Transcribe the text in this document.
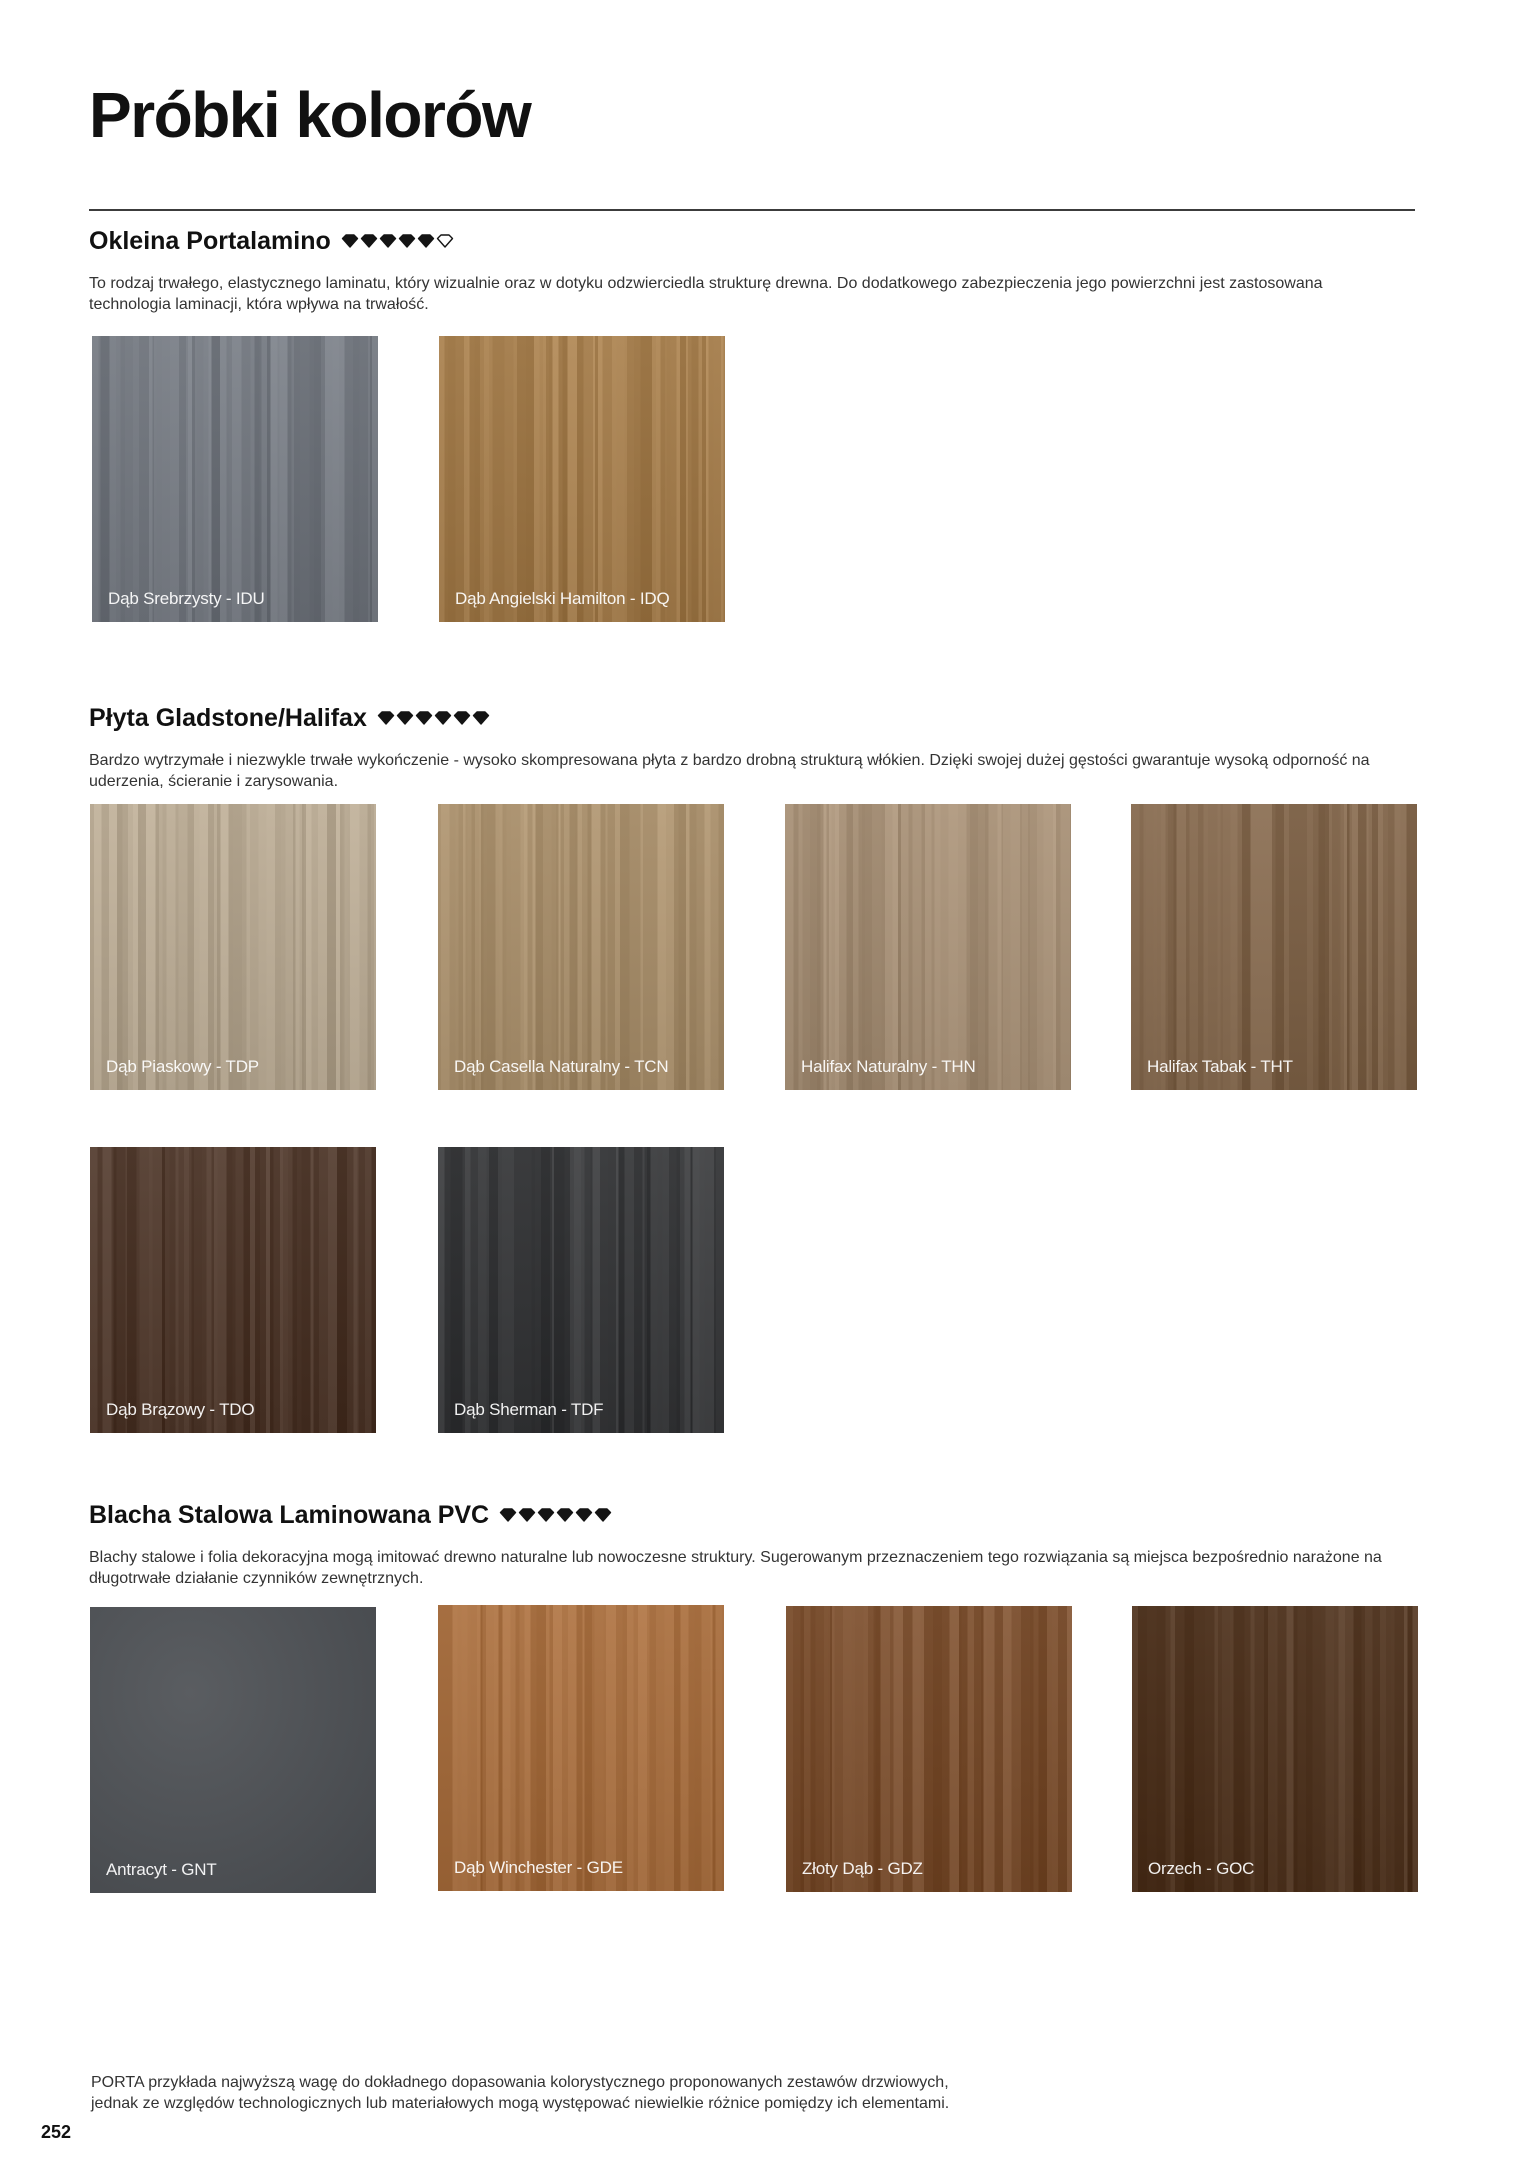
Próbki kolorów
Okleina Portalamino

To rodzaj trwałego, elastycznego laminatu, który wizualnie oraz w dotyku odzwierciedla strukturę drewna. Do dodatkowego zabezpieczenia jego powierzchni jest zastosowana technologia laminacji, która wpływa na trwałość.

Dąb Srebrzysty - IDU	Dąb Angielski Hamilton - IDQ
Płyta Gladstone/Halifax

Bardzo wytrzymałe i niezwykle trwałe wykończenie - wysoko skompresowana płyta z bardzo drobną strukturą włókien. Dzięki swojej dużej gęstości gwarantuje wysoką odporność na uderzenia, ścieranie i zarysowania.

Dąb Piaskowy - TDP	Dąb Casella Naturalny - TCN	Halifax Naturalny - THN	Halifax Tabak - THT
Dąb Brązowy - TDO	Dąb Sherman - TDF
Blacha Stalowa Laminowana PVC

Blachy stalowe i folia dekoracyjna mogą imitować drewno naturalne lub nowoczesne struktury. Sugerowanym przeznaczeniem tego rozwiązania są miejsca bezpośrednio narażone na długotrwałe działanie czynników zewnętrznych.

Antracyt - GNT	Dąb Winchester - GDE	Złoty Dąb - GDZ	Orzech - GOC
PORTA przykłada najwyższą wagę do dokładnego dopasowania kolorystycznego proponowanych zestawów drzwiowych,
jednak ze względów technologicznych lub materiałowych mogą występować niewielkie różnice pomiędzy ich elementami.
252
